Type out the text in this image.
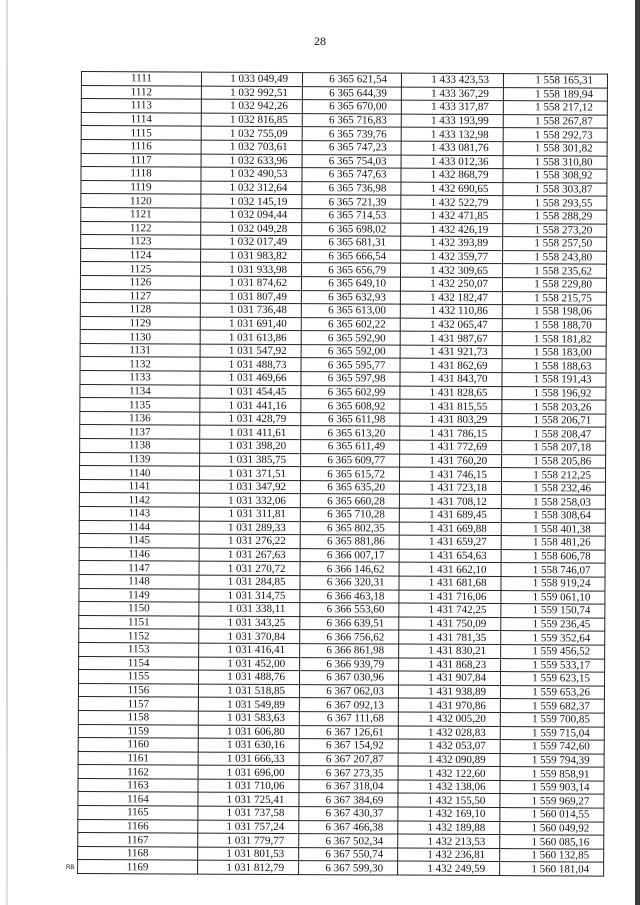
28
1111	1 033 049,49	6 365 621,54	1 433 423,53	1 558 165,31
1112	1 032 992,51	6 365 644,39	1 433 367,29	1 558 189,94
1113	1 032 942,26	6 365 670,00	1 433 317,87	1 558 217,12
1114	1 032 816,85	6 365 716,83	1 433 193,99	1 558 267,87
1115	1 032 755,09	6 365 739,76	1 433 132,98	1 558 292,73
1116	1 032 703,61	6 365 747,23	1 433 081,76	1 558 301,82
1117	1 032 633,96	6 365 754,03	1 433 012,36	1 558 310,80
1118	1 032 490,53	6 365 747,63	1 432 868,79	1 558 308,92
1119	1 032 312,64	6 365 736,98	1 432 690,65	1 558 303,87
1120	1 032 145,19	6 365 721,39	1 432 522,79	1 558 293,55
1121	1 032 094,44	6 365 714,53	1 432 471,85	1 558 288,29
1122	1 032 049,28	6 365 698,02	1 432 426,19	1 558 273,20
1123	1 032 017,49	6 365 681,31	1 432 393,89	1 558 257,50
1124	1 031 983,82	6 365 666,54	1 432 359,77	1 558 243,80
1125	1 031 933,98	6 365 656,79	1 432 309,65	1 558 235,62
1126	1 031 874,62	6 365 649,10	1 432 250,07	1 558 229,80
1127	1 031 807,49	6 365 632,93	1 432 182,47	1 558 215,75
1128	1 031 736,48	6 365 613,00	1 432 110,86	1 558 198,06
1129	1 031 691,40	6 365 602,22	1 432 065,47	1 558 188,70
1130	1 031 613,86	6 365 592,90	1 431 987,67	1 558 181,82
1131	1 031 547,92	6 365 592,00	1 431 921,73	1 558 183,00
1132	1 031 488,73	6 365 595,77	1 431 862,69	1 558 188,63
1133	1 031 469,66	6 365 597,98	1 431 843,70	1 558 191,43
1134	1 031 454,45	6 365 602,99	1 431 828,65	1 558 196,92
1135	1 031 441,16	6 365 608,92	1 431 815,55	1 558 203,26
1136	1 031 428,79	6 365 611,98	1 431 803,29	1 558 206,71
1137	1 031 411,61	6 365 613,20	1 431 786,15	1 558 208,47
1138	1 031 398,20	6 365 611,49	1 431 772,69	1 558 207,18
1139	1 031 385,75	6 365 609,77	1 431 760,20	1 558 205,86
1140	1 031 371,51	6 365 615,72	1 431 746,15	1 558 212,25
1141	1 031 347,92	6 365 635,20	1 431 723,18	1 558 232,46
1142	1 031 332,06	6 365 660,28	1 431 708,12	1 558 258,03
1143	1 031 311,81	6 365 710,28	1 431 689,45	1 558 308,64
1144	1 031 289,33	6 365 802,35	1 431 669,88	1 558 401,38
1145	1 031 276,22	6 365 881,86	1 431 659,27	1 558 481,26
1146	1 031 267,63	6 366 007,17	1 431 654,63	1 558 606,78
1147	1 031 270,72	6 366 146,62	1 431 662,10	1 558 746,07
1148	1 031 284,85	6 366 320,31	1 431 681,68	1 558 919,24
1149	1 031 314,75	6 366 463,18	1 431 716,06	1 559 061,10
1150	1 031 338,11	6 366 553,60	1 431 742,25	1 559 150,74
1151	1 031 343,25	6 366 639,51	1 431 750,09	1 559 236,45
1152	1 031 370,84	6 366 756,62	1 431 781,35	1 559 352,64
1153	1 031 416,41	6 366 861,98	1 431 830,21	1 559 456,52
1154	1 031 452,00	6 366 939,79	1 431 868,23	1 559 533,17
1155	1 031 488,76	6 367 030,96	1 431 907,84	1 559 623,15
1156	1 031 518,85	6 367 062,03	1 431 938,89	1 559 653,26
1157	1 031 549,89	6 367 092,13	1 431 970,86	1 559 682,37
1158	1 031 583,63	6 367 111,68	1 432 005,20	1 559 700,85
1159	1 031 606,80	6 367 126,61	1 432 028,83	1 559 715,04
1160	1 031 630,16	6 367 154,92	1 432 053,07	1 559 742,60
1161	1 031 666,33	6 367 207,87	1 432 090,89	1 559 794,39
1162	1 031 696,00	6 367 273,35	1 432 122,60	1 559 858,91
1163	1 031 710,06	6 367 318,04	1 432 138,06	1 559 903,14
1164	1 031 725,41	6 367 384,69	1 432 155,50	1 559 969,27
1165	1 031 737,58	6 367 430,37	1 432 169,10	1 560 014,55
1166	1 031 757,24	6 367 466,38	1 432 189,88	1 560 049,92
1167	1 031 779,77	6 367 502,34	1 432 213,53	1 560 085,16
1168	1 031 801,53	6 367 550,74	1 432 236,81	1 560 132,85
1169	1 031 812,79	6 367 599,30	1 432 249,59	1 560 181,04
RB
